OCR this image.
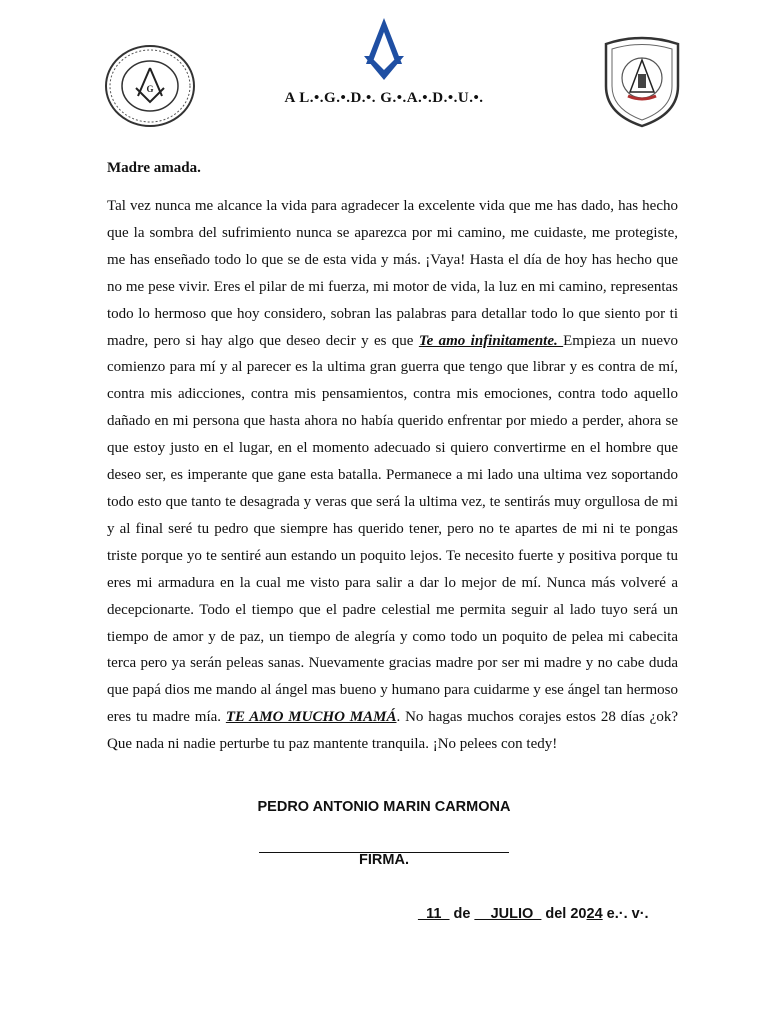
G
A L.•.G.•.D.•. G.•.A.•.D.•.U.•.
Madre amada.

Tal vez nunca me alcance la vida para agradecer la excelente vida que me has dado, has hecho que la sombra del sufrimiento nunca se aparezca por mi camino, me cuidaste, me protegiste, me has enseñado todo lo que se de esta vida y más. ¡Vaya! Hasta el día de hoy has hecho que no me pese vivir. Eres el pilar de mi fuerza, mi motor de vida, la luz en mi camino, representas todo lo hermoso que hoy considero, sobran las palabras para detallar todo lo que siento por ti madre, pero si hay algo que deseo decir y es que Te amo infinitamente. Empieza un nuevo comienzo para mí y al parecer es la ultima gran guerra que tengo que librar y es contra de mí, contra mis adicciones, contra mis pensamientos, contra mis emociones, contra todo aquello dañado en mi persona que hasta ahora no había querido enfrentar por miedo a perder, ahora se que estoy justo en el lugar, en el momento adecuado si quiero convertirme en el hombre que deseo ser, es imperante que gane esta batalla. Permanece a mi lado una ultima vez soportando todo esto que tanto te desagrada y veras que será la ultima vez, te sentirás muy orgullosa de mi y al final seré tu pedro que siempre has querido tener, pero no te apartes de mi ni te pongas triste porque yo te sentiré aun estando un poquito lejos. Te necesito fuerte y positiva porque tu eres mi armadura en la cual me visto para salir a dar lo mejor de mí. Nunca más volveré a decepcionarte. Todo el tiempo que el padre celestial me permita seguir al lado tuyo será un tiempo de amor y de paz, un tiempo de alegría y como todo un poquito de pelea mi cabecita terca pero ya serán peleas sanas. Nuevamente gracias madre por ser mi madre y no cabe duda que papá dios me mando al ángel mas bueno y humano para cuidarme y ese ángel tan hermoso eres tu madre mía. TE AMO MUCHO MAMÁ. No hagas muchos corajes estos 28 días ¿ok? Que nada ni nadie perturbe tu paz mantente tranquila. ¡No pelees con tedy!

PEDRO ANTONIO MARIN CARMONA
FIRMA.
_11_ de __JULIO_ del 2024 e.·. v·.
